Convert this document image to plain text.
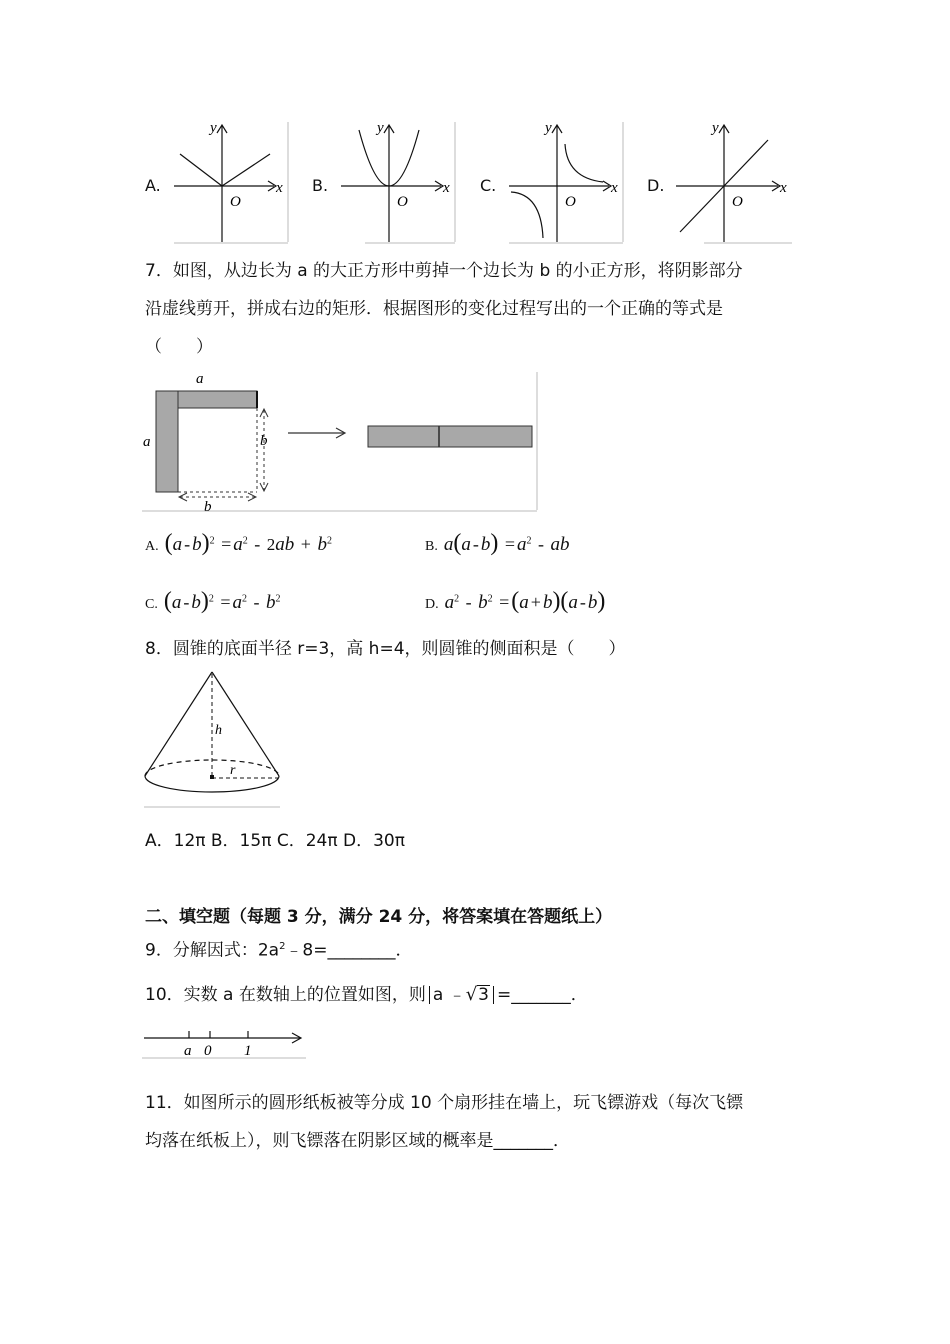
A.
y
x
O
B.
y
x
O
C.
y
x
O
D.
y
x
O
7．如图，从边长为 a 的大正方形中剪掉一个边长为 b 的小正方形，将阴影部分
沿虚线剪开，拼成右边的矩形．根据图形的变化过程写出的一个正确的等式是
（　　）
a
a	b
b
A. $(a - b)^2 = a^2 - 2ab + b^2$	B. $a(a - b) = a^2$ - ab
C. $(a - b)^2 = a^2 - b^2$	D. $a^2 - b^2 =(a + b)(a - b)$
8．圆锥的底面半径 r=3，高 h=4，则圆锥的侧面积是（　　）
h
r
A．12π B．15π C．24π D．30π
二、填空题（每题 3 分，满分 24 分，将答案填在答题纸上）
9．分解因式：$2a^2﹣8=\_\_\_\_\_\_\_\_$．
10．实数 a 在数轴上的位置如图，则 a ﹣√3 =_______．
a 0 1
11．如图所示的圆形纸板被等分成 10 个扇形挂在墙上，玩飞镖游戏（每次飞镖
均落在纸板上），则飞镖落在阴影区域的概率是_______．
